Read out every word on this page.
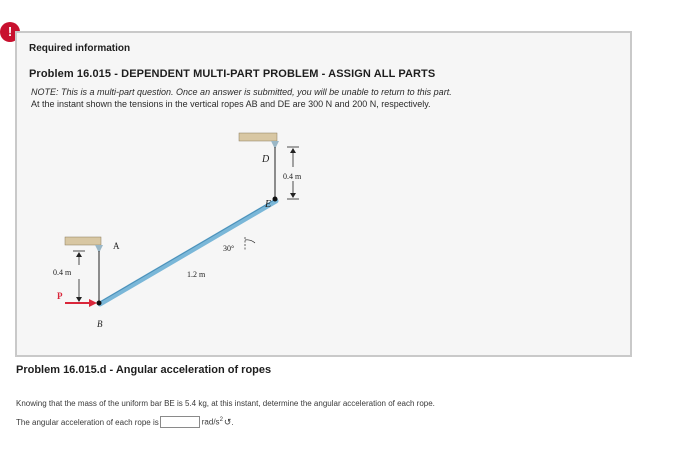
!
Required information
Problem 16.015 - DEPENDENT MULTI-PART PROBLEM - ASSIGN ALL PARTS
NOTE: This is a multi-part question. Once an answer is submitted, you will be unable to return to this part.
At the instant shown the tensions in the vertical ropes AB and DE are 300 N and 200 N, respectively.
D
E
A
B
P
0.4 m
0.4 m
30°
1.2 m
Problem 16.015.d - Angular acceleration of ropes
Knowing that the mass of the uniform bar BE is 5.4 kg, at this instant, determine the angular acceleration of each rope.
The angular acceleration of each rope is	rad/$s^2$ ↺ .
